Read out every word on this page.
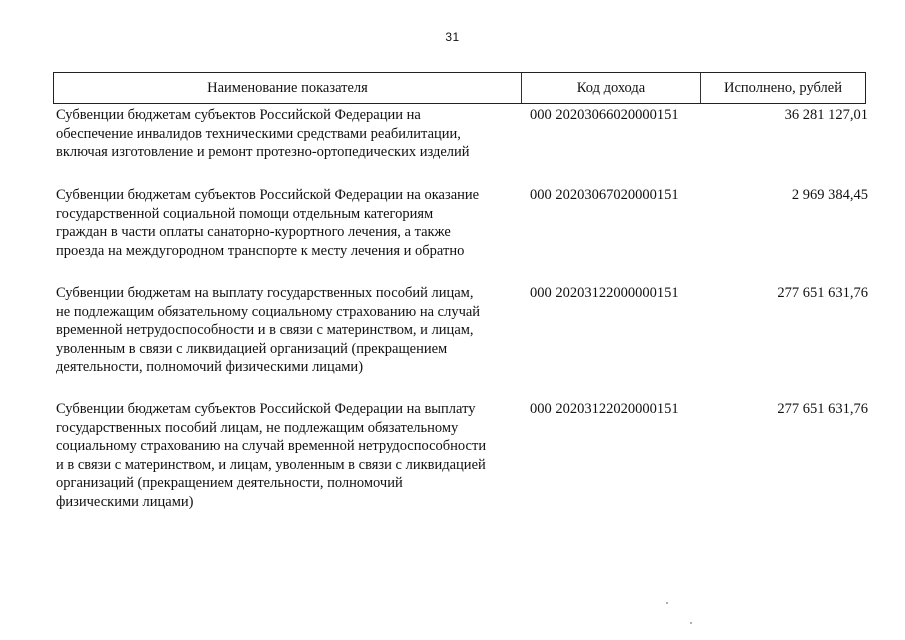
31
Наименование показателя	Код дохода	Исполнено, рублей
Субвенции бюджетам субъектов Российской Федерации на
обеспечение инвалидов техническими средствами реабилитации,
включая изготовление и ремонт протезно-ортопедических изделий
000 20203066020000151	36 281 127,01
Субвенции бюджетам субъектов Российской Федерации на оказание
государственной социальной помощи отдельным категориям
граждан в части оплаты санаторно-курортного лечения, а также
проезда на междугородном транспорте к месту лечения и обратно
000 20203067020000151	2 969 384,45
Субвенции бюджетам на выплату государственных пособий лицам,
не подлежащим обязательному социальному страхованию на случай
временной нетрудоспособности и в связи с материнством, и лицам,
уволенным в связи с ликвидацией организаций (прекращением
деятельности, полномочий физическими лицами)
000 20203122000000151	277 651 631,76
Субвенции бюджетам субъектов Российской Федерации на выплату
государственных пособий лицам, не подлежащим обязательному
социальному страхованию на случай временной нетрудоспособности
и в связи с материнством, и лицам, уволенным в связи с ликвидацией
организаций (прекращением деятельности, полномочий
физическими лицами)
000 20203122020000151	277 651 631,76
